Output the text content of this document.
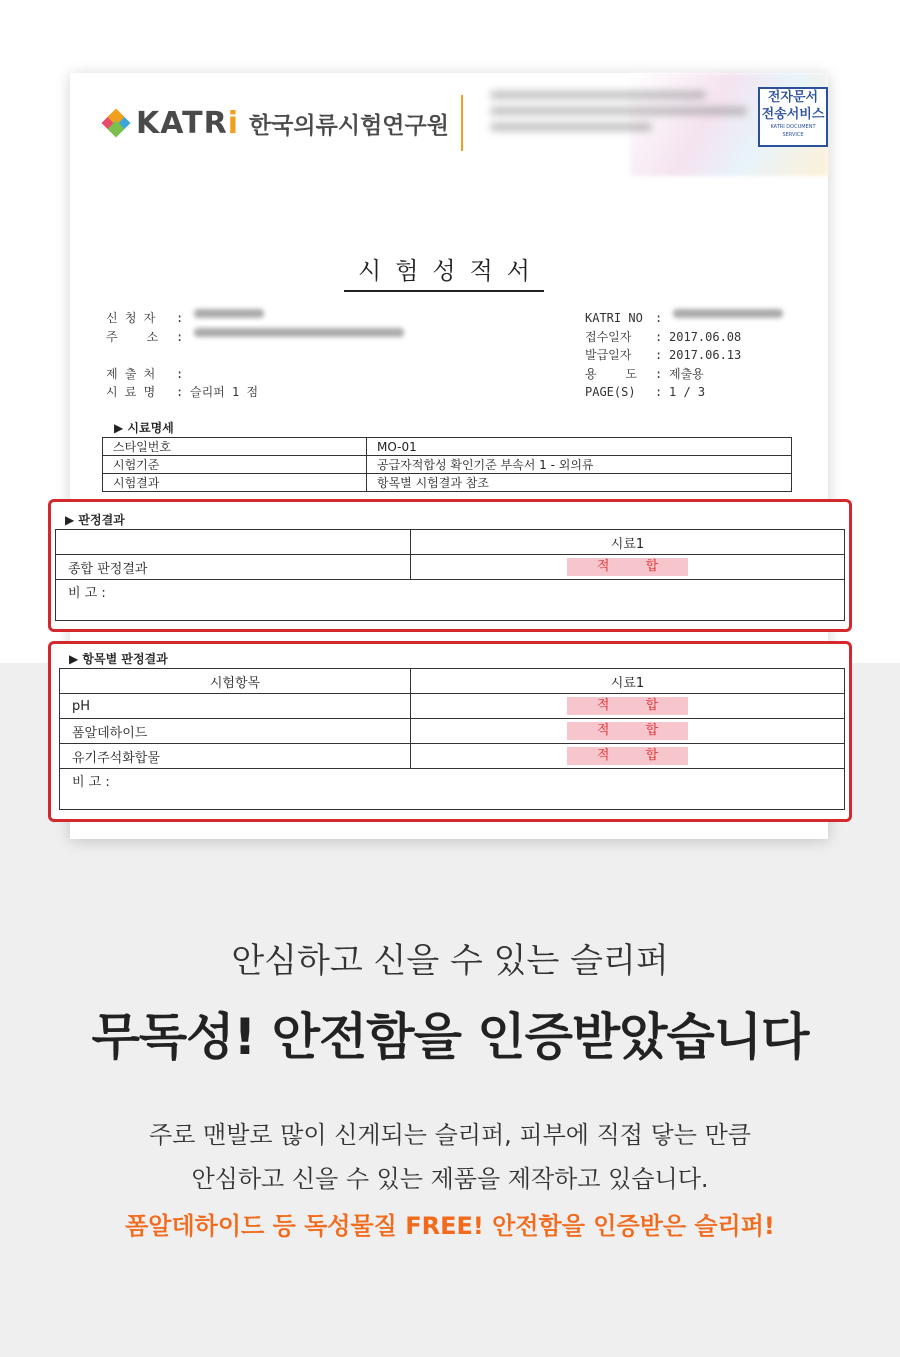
KATRi 한국의류시험연구원
전자문서
전송서비스
KATRI DOCUMENT SERVICE
시험성적서
신 청 자	:
주    소	:

제 출 처	:
시 료 명	: 슬리퍼 1 점
KATRI NO	:
접수일자	: 2017.06.08
발급일자	: 2017.06.13
용    도	: 제출용
PAGE(S)	: 1 / 3
▶ 시료명세
스타일번호	MO-01
시험기준	공급자적합성 확인기준 부속서 1 - 외의류
시험결과	항목별 시험결과 참조
▶ 판정결과
	시료1
종합 판정결과	적 합
비 고 :	
▶ 항목별 판정결과
시험항목	시료1
pH	적 합
폼알데하이드	적 합
유기주석화합물	적 합
비 고 :	
안심하고 신을 수 있는 슬리퍼
무독성! 안전함을 인증받았습니다
주로 맨발로 많이 신게되는 슬리퍼, 피부에 직접 닿는 만큼
안심하고 신을 수 있는 제품을 제작하고 있습니다.
폼알데하이드 등 독성물질 FREE! 안전함을 인증받은 슬리퍼!
